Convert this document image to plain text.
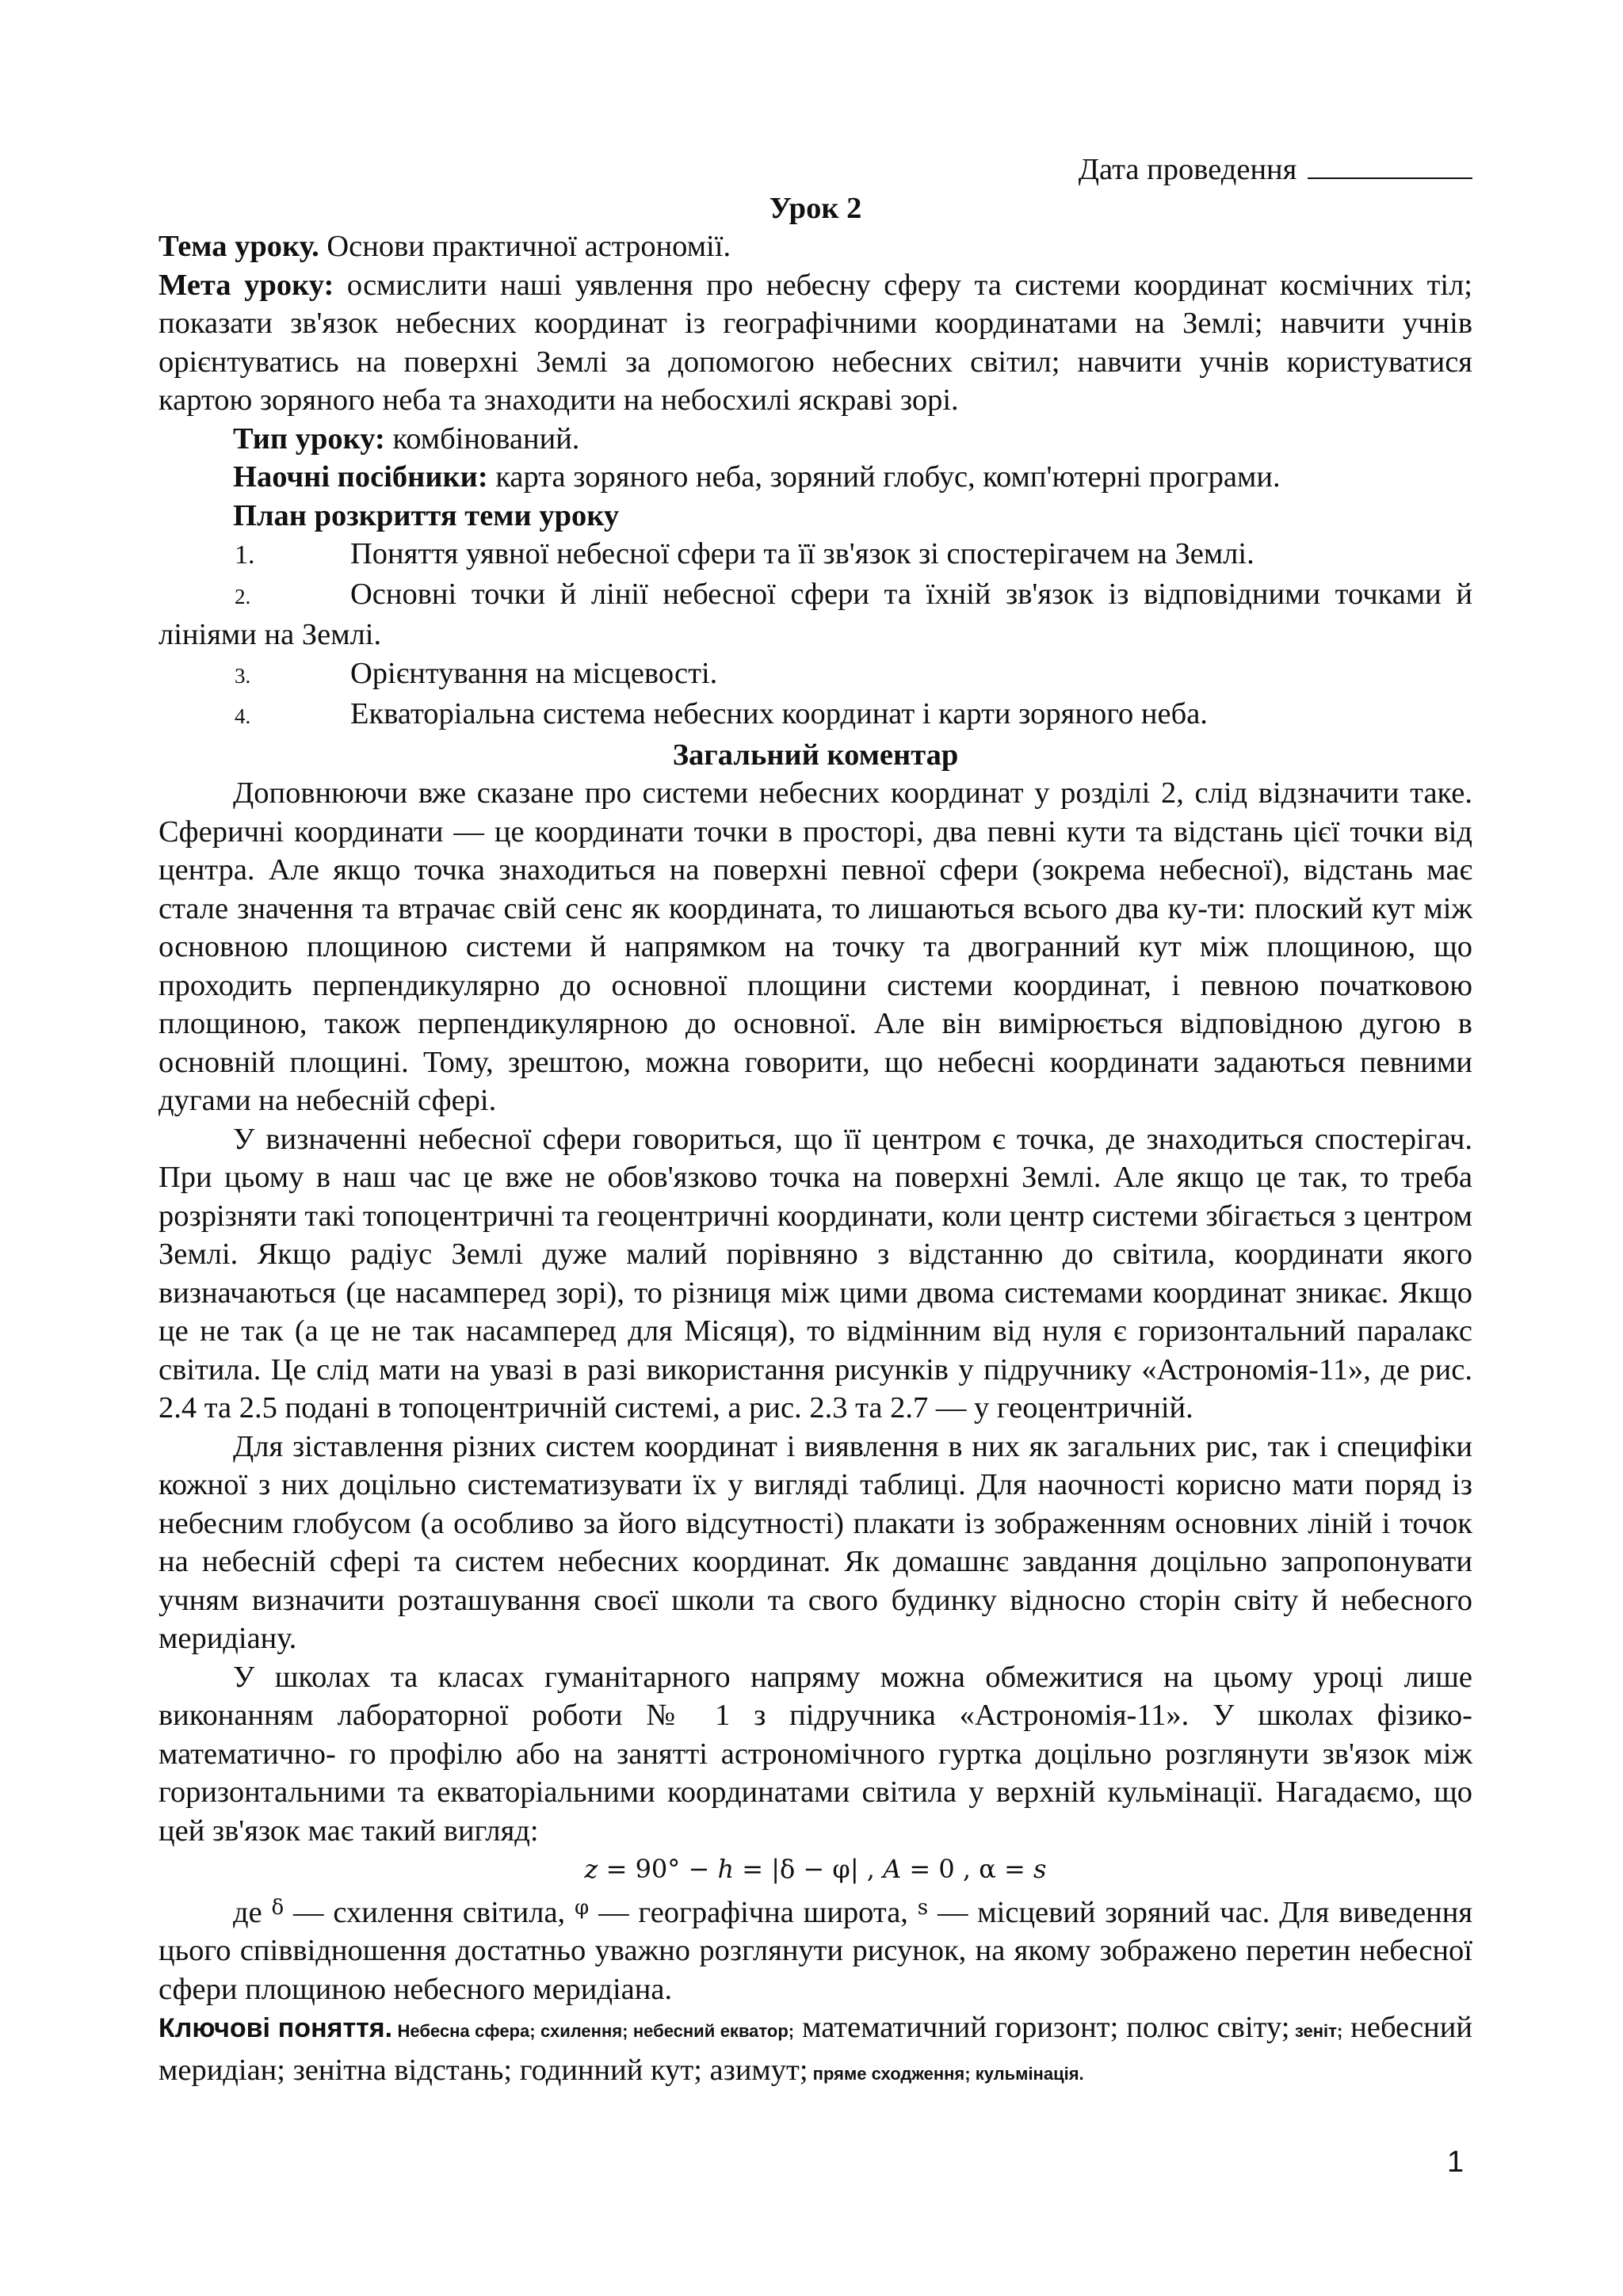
Дата проведення

Урок 2

Тема уроку. Основи практичної астрономії.

Мета уроку: осмислити наші уявлення про небесну сферу та системи координат космічних тіл; показати зв'язок небесних координат із географічними координатами на Землі; навчити учнів орієнтуватись на поверхні Землі за допомогою небесних світил; навчити учнів користуватися картою зоряного неба та знаходити на небосхилі яскраві зорі.

Тип уроку: комбінований.

Наочні посібники: карта зоряного неба, зоряний глобус, комп'ютерні програми.

План розкриття теми уроку

1.	Поняття уявної небесної сфери та її зв'язок зі спостерігачем на Землі.

2.	Основні точки й лінії небесної сфери та їхній зв'язок із відповідними точками й лініями на Землі.

3.	Орієнтування на місцевості.

4.	Екваторіальна система небесних координат і карти зоряного неба.

Загальний коментар

Доповнюючи вже сказане про системи небесних координат у розділі 2, слід відзначити таке. Сферичні координати — це координати точки в просторі, два певні кути та відстань цієї точки від центра. Але якщо точка знаходиться на поверхні певної сфери (зокрема небесної), відстань має стале значення та втрачає свій сенс як координата, то лишаються всього два ку-ти: плоский кут між основною площиною системи й напрямком на точку та двогранний кут між площиною, що проходить перпендикулярно до основної площини системи координат, і певною початковою площиною, також перпендикулярною до основної. Але він вимірюється відповідною дугою в основній площині. Тому, зрештою, можна говорити, що небесні координати задаються певними дугами на небесній сфері.

У визначенні небесної сфери говориться, що її центром є точка, де знаходиться спостерігач. При цьому в наш час це вже не обов'язково точка на поверхні Землі. Але якщо це так, то треба розрізняти такі топоцентричні та геоцентричні координати, коли центр системи збігається з центром Землі. Якщо радіус Землі дуже малий порівняно з відстанню до світила, координати якого визначаються (це насамперед зорі), то різниця між цими двома системами координат зникає. Якщо це не так (а це не так насамперед для Місяця), то відмінним від нуля є горизонтальний паралакс світила. Це слід мати на увазі в разі використання рисунків у підручнику «Астрономія-11», де рис. 2.4 та 2.5 подані в топоцентричній системі, а рис. 2.3 та 2.7 — у геоцентричній.

Для зіставлення різних систем координат і виявлення в них як загальних рис, так і специфіки кожної з них доцільно систематизувати їх у вигляді таблиці. Для наочності корисно мати поряд із небесним глобусом (а особливо за його відсутності) плакати із зображенням основних ліній і точок на небесній сфері та систем небесних координат. Як домашнє завдання доцільно запропонувати учням визначити розташування своєї школи та свого будинку відносно сторін світу й небесного меридіану.

У школах та класах гуманітарного напряму можна обмежитися на цьому уроці лише виконанням лабораторної роботи № 1 з підручника «Астрономія-11». У школах фізико-математично- го профілю або на занятті астрономічного гуртка доцільно розглянути зв'язок між горизонтальними та екваторіальними координатами світила у верхній кульмінації. Нагадаємо, що цей зв'язок має такий вигляд:

z = 90° − h = |δ − φ| , A = 0 , α = s

де $^\delta$ — схилення світила, $^\varphi$ — географічна широта, $^s$ — місцевий зоряний час. Для виведення цього співвідношення достатньо уважно розглянути рисунок, на якому зображено перетин небесної сфери площиною небесного меридіана.

Ключові поняття. Небесна сфера; схилення; небесний екватор; математичний горизонт; полюс світу; зеніт; небесний меридіан; зенітна відстань; годинний кут; азимут; пряме сходження; кульмінація.

1
